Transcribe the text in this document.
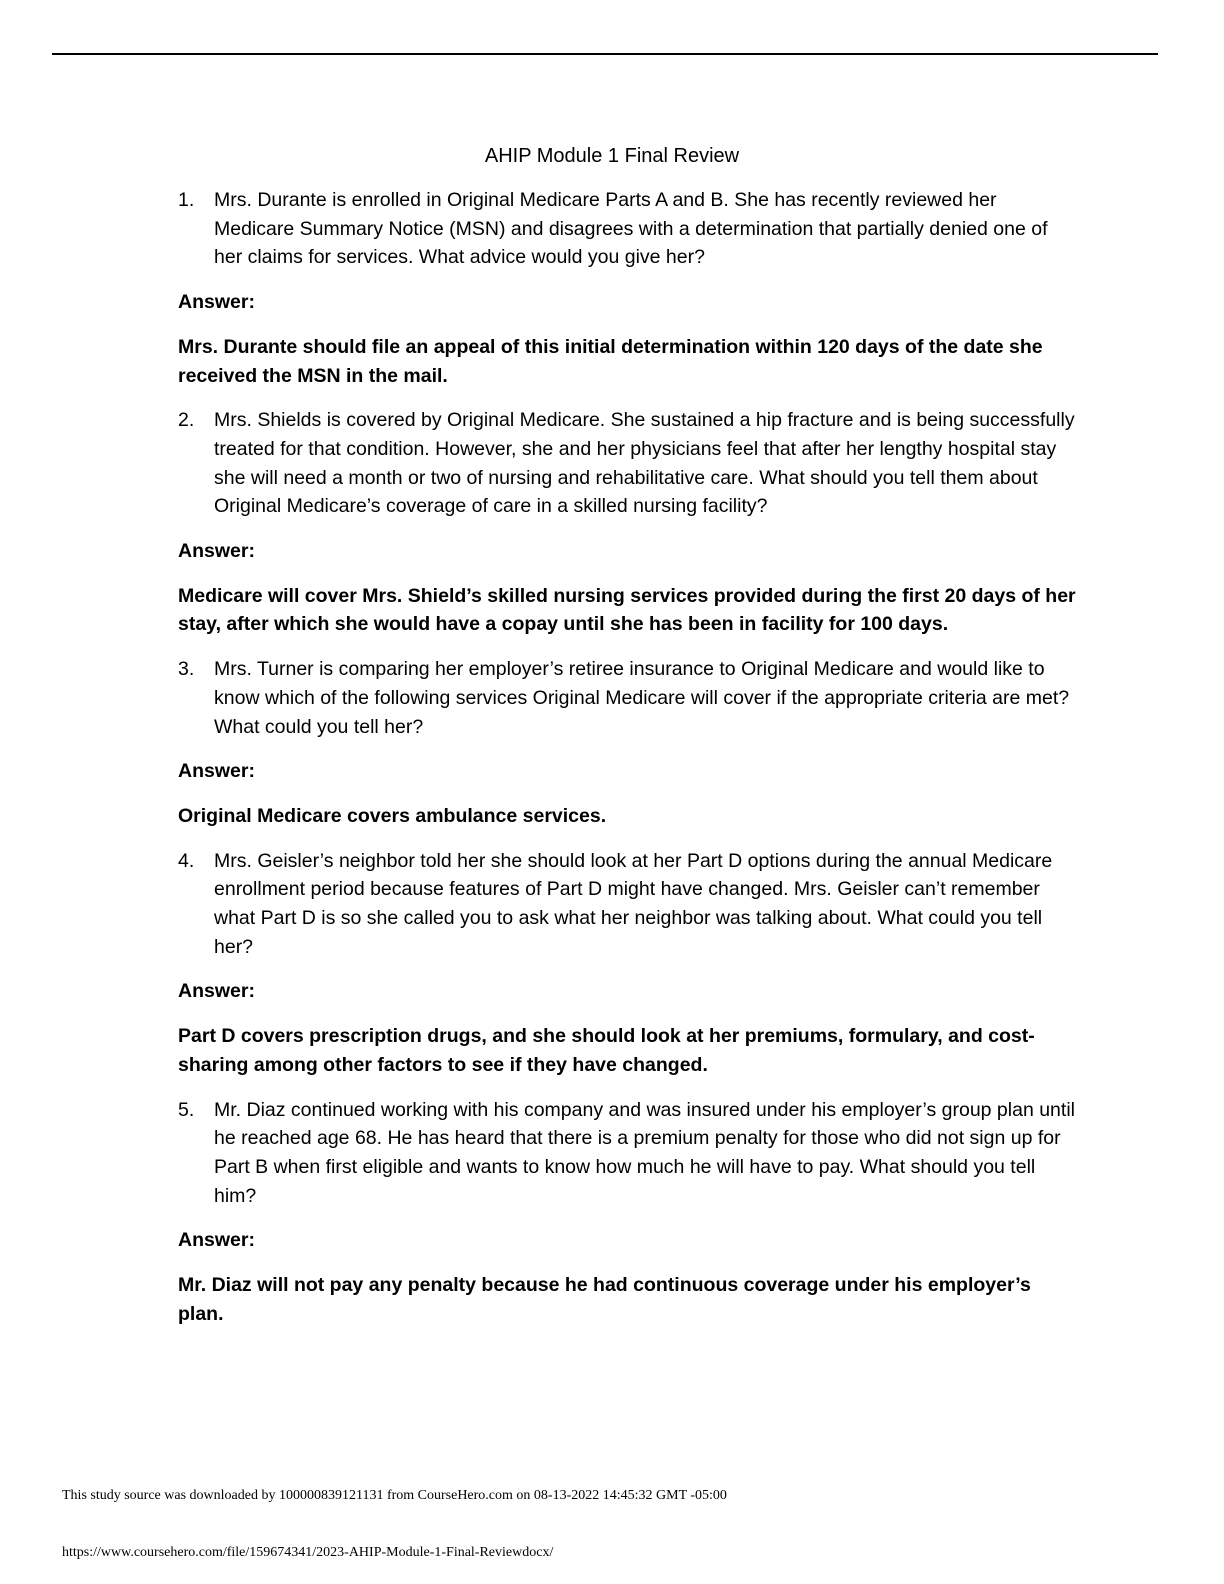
AHIP Module 1 Final Review
1. Mrs. Durante is enrolled in Original Medicare Parts A and B. She has recently reviewed her Medicare Summary Notice (MSN) and disagrees with a determination that partially denied one of her claims for services. What advice would you give her?
Answer:
Mrs. Durante should file an appeal of this initial determination within 120 days of the date she received the MSN in the mail.
2. Mrs. Shields is covered by Original Medicare. She sustained a hip fracture and is being successfully treated for that condition. However, she and her physicians feel that after her lengthy hospital stay she will need a month or two of nursing and rehabilitative care. What should you tell them about Original Medicare’s coverage of care in a skilled nursing facility?
Answer:
Medicare will cover Mrs. Shield’s skilled nursing services provided during the first 20 days of her stay, after which she would have a copay until she has been in facility for 100 days.
3. Mrs. Turner is comparing her employer’s retiree insurance to Original Medicare and would like to know which of the following services Original Medicare will cover if the appropriate criteria are met? What could you tell her?
Answer:
Original Medicare covers ambulance services.
4. Mrs. Geisler’s neighbor told her she should look at her Part D options during the annual Medicare enrollment period because features of Part D might have changed. Mrs. Geisler can’t remember what Part D is so she called you to ask what her neighbor was talking about. What could you tell her?
Answer:
Part D covers prescription drugs, and she should look at her premiums, formulary, and cost-sharing among other factors to see if they have changed.
5. Mr. Diaz continued working with his company and was insured under his employer’s group plan until he reached age 68. He has heard that there is a premium penalty for those who did not sign up for Part B when first eligible and wants to know how much he will have to pay. What should you tell him?
Answer:
Mr. Diaz will not pay any penalty because he had continuous coverage under his employer’s plan.
This study source was downloaded by 100000839121131 from CourseHero.com on 08-13-2022 14:45:32 GMT -05:00
https://www.coursehero.com/file/159674341/2023-AHIP-Module-1-Final-Reviewdocx/
